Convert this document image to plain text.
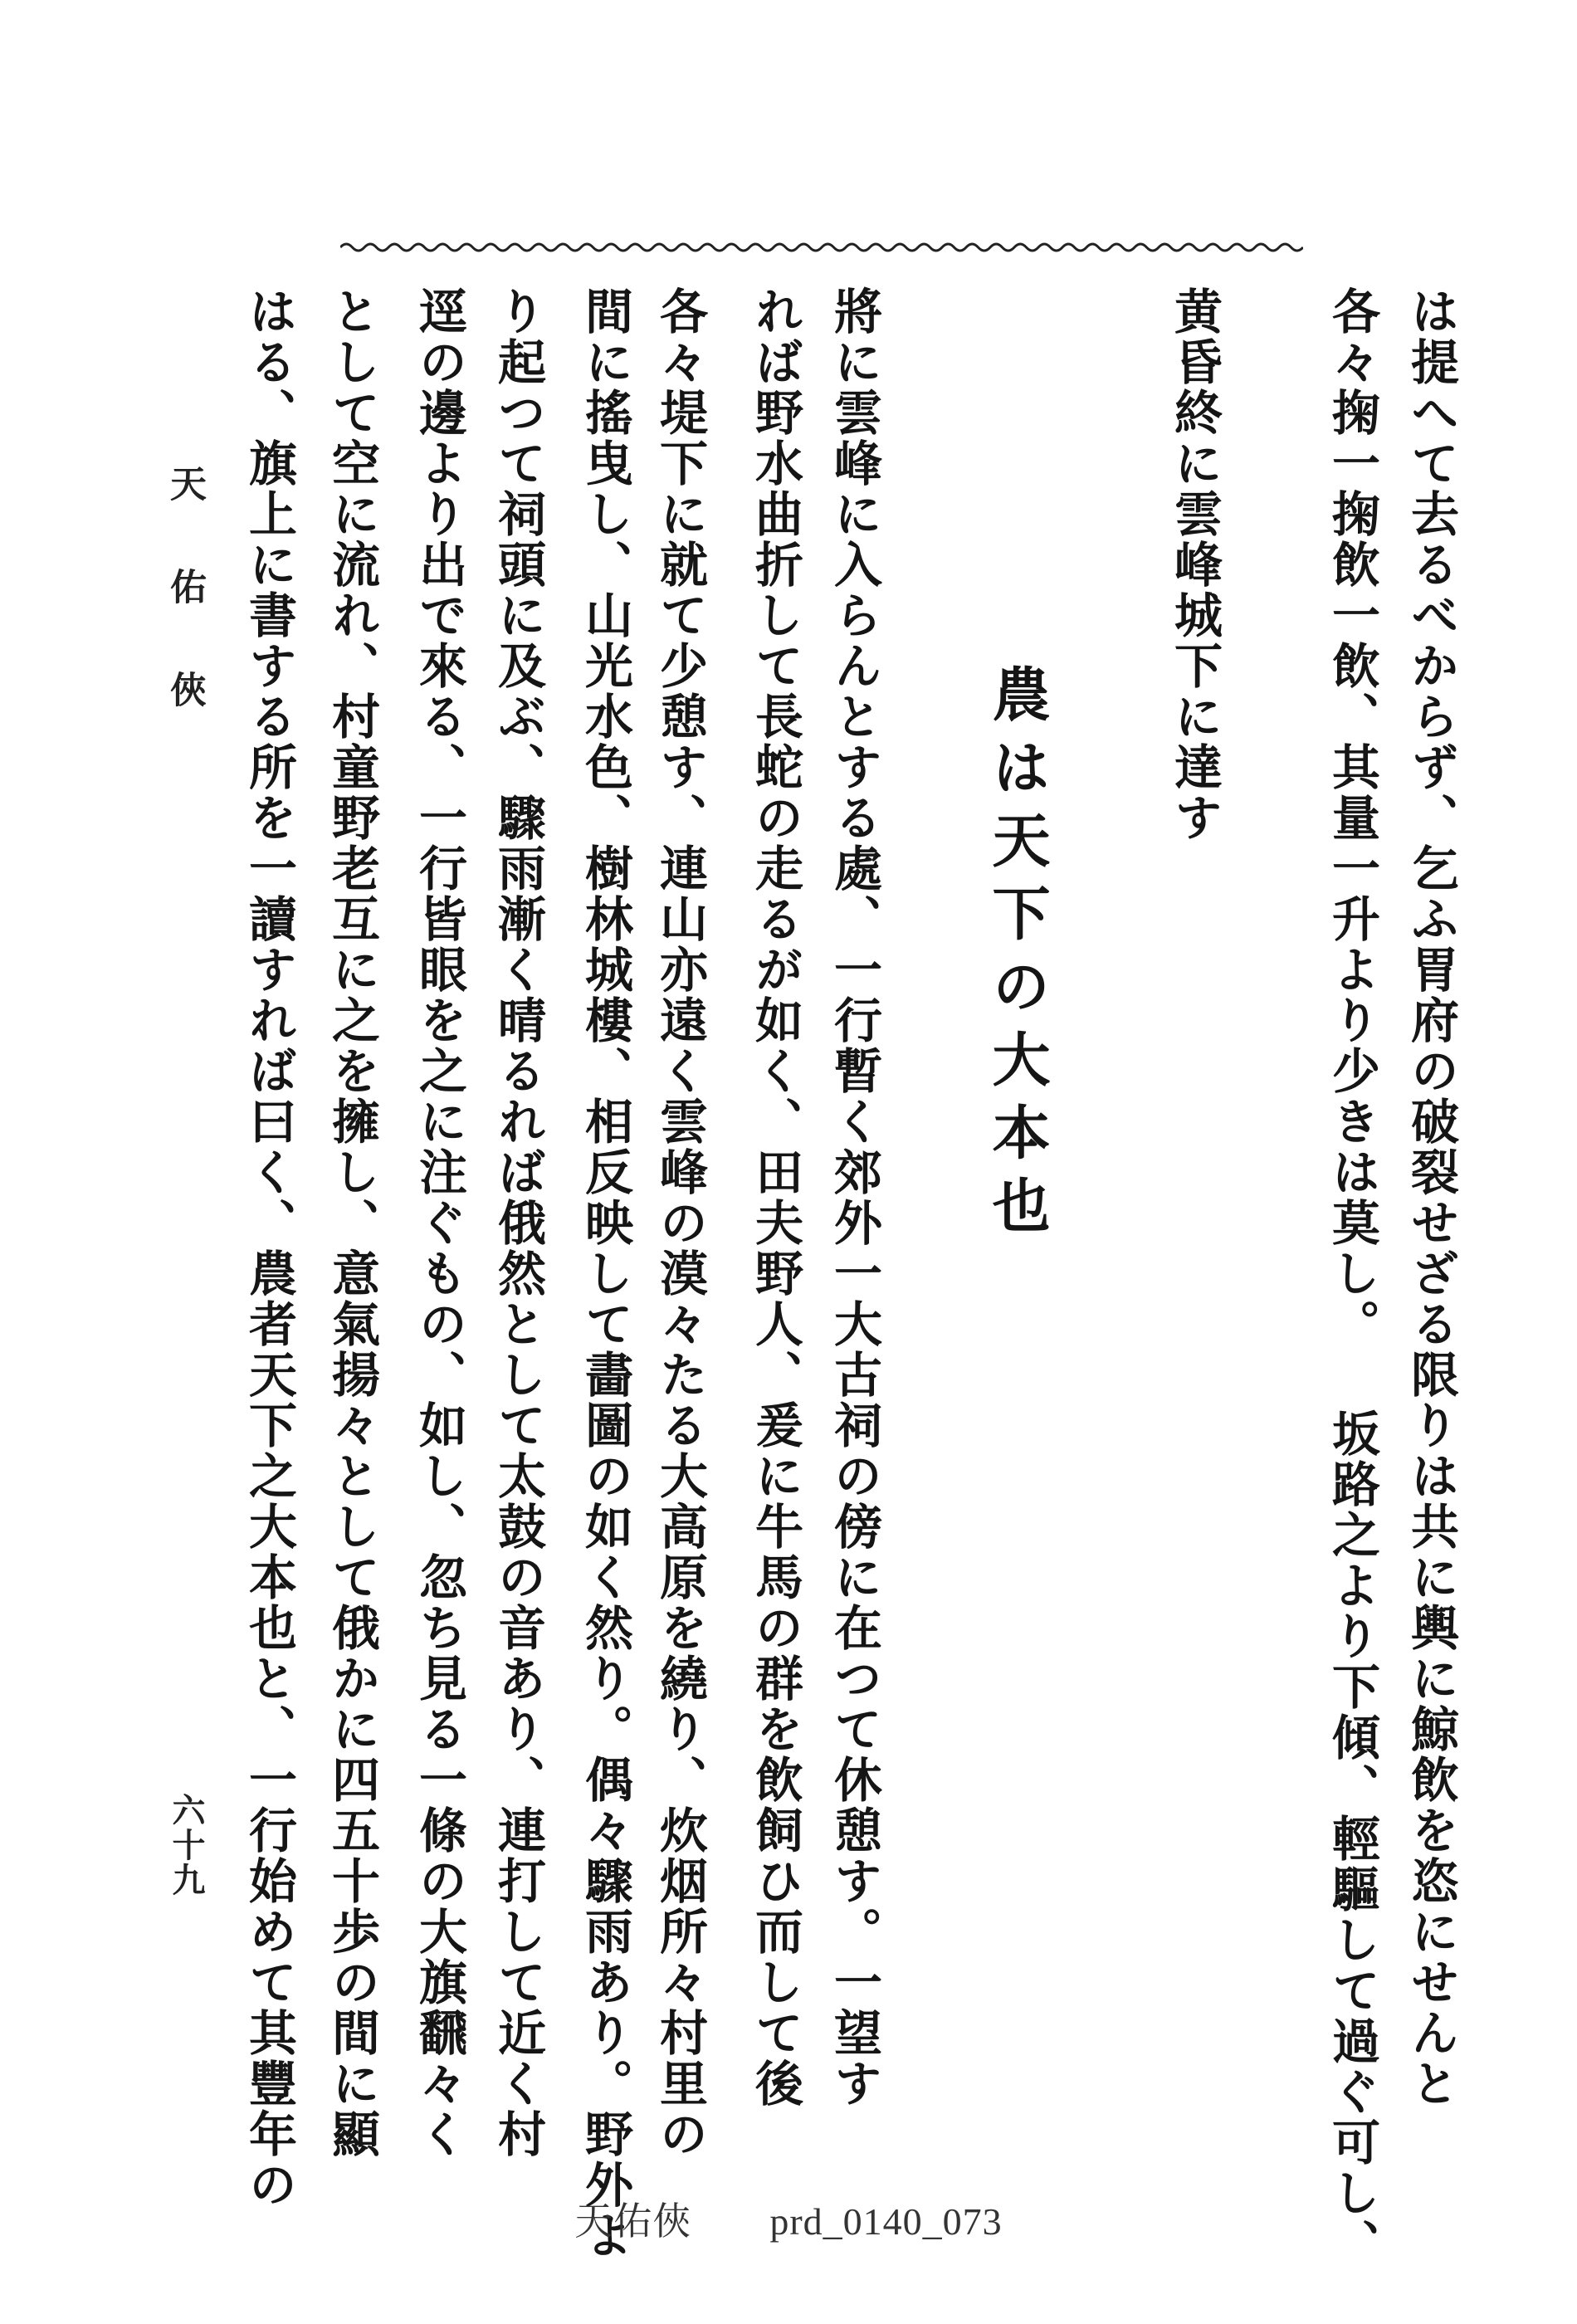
は提へて去るべからず、乞ふ胃府の破裂せざる限りは共に輿に鯨飲を恣にせんと
各々掬一掬飲一飲、其量一升より少きは莫し。 坂路之より下傾、輕驅して過ぐ可し、
黄昏終に雲峰城下に達す
農は天下の大本也
將に雲峰に入らんとする處、一行暫く郊外一大古祠の傍に在つて休憩す。一望す
れば野水曲折して長蛇の走るが如く、田夫野人、爰に牛馬の群を飲飼ひ而して後
各々堤下に就て少憩す、連山亦遠く雲峰の漠々たる大高原を繞り、炊烟所々村里の
間に搖曳し、山光水色、樹林城樓、相反映して畵圖の如く然り。偶々驟雨あり。野外よ
り起つて祠頭に及ぶ、驟雨漸く晴るれば俄然として太鼓の音あり、連打して近く村
逕の邊より出で來る、一行皆眼を之に注ぐもの、如し、忽ち見る一條の大旗飜々く
として空に流れ、村童野老互に之を擁し、意氣揚々として俄かに四五十歩の間に顯
はる、旗上に書する所を一讀すれば曰く、農者天下之大本也と、一行始めて其豐年の
天佑俠
六十九
天佑俠　　prd_0140_073
